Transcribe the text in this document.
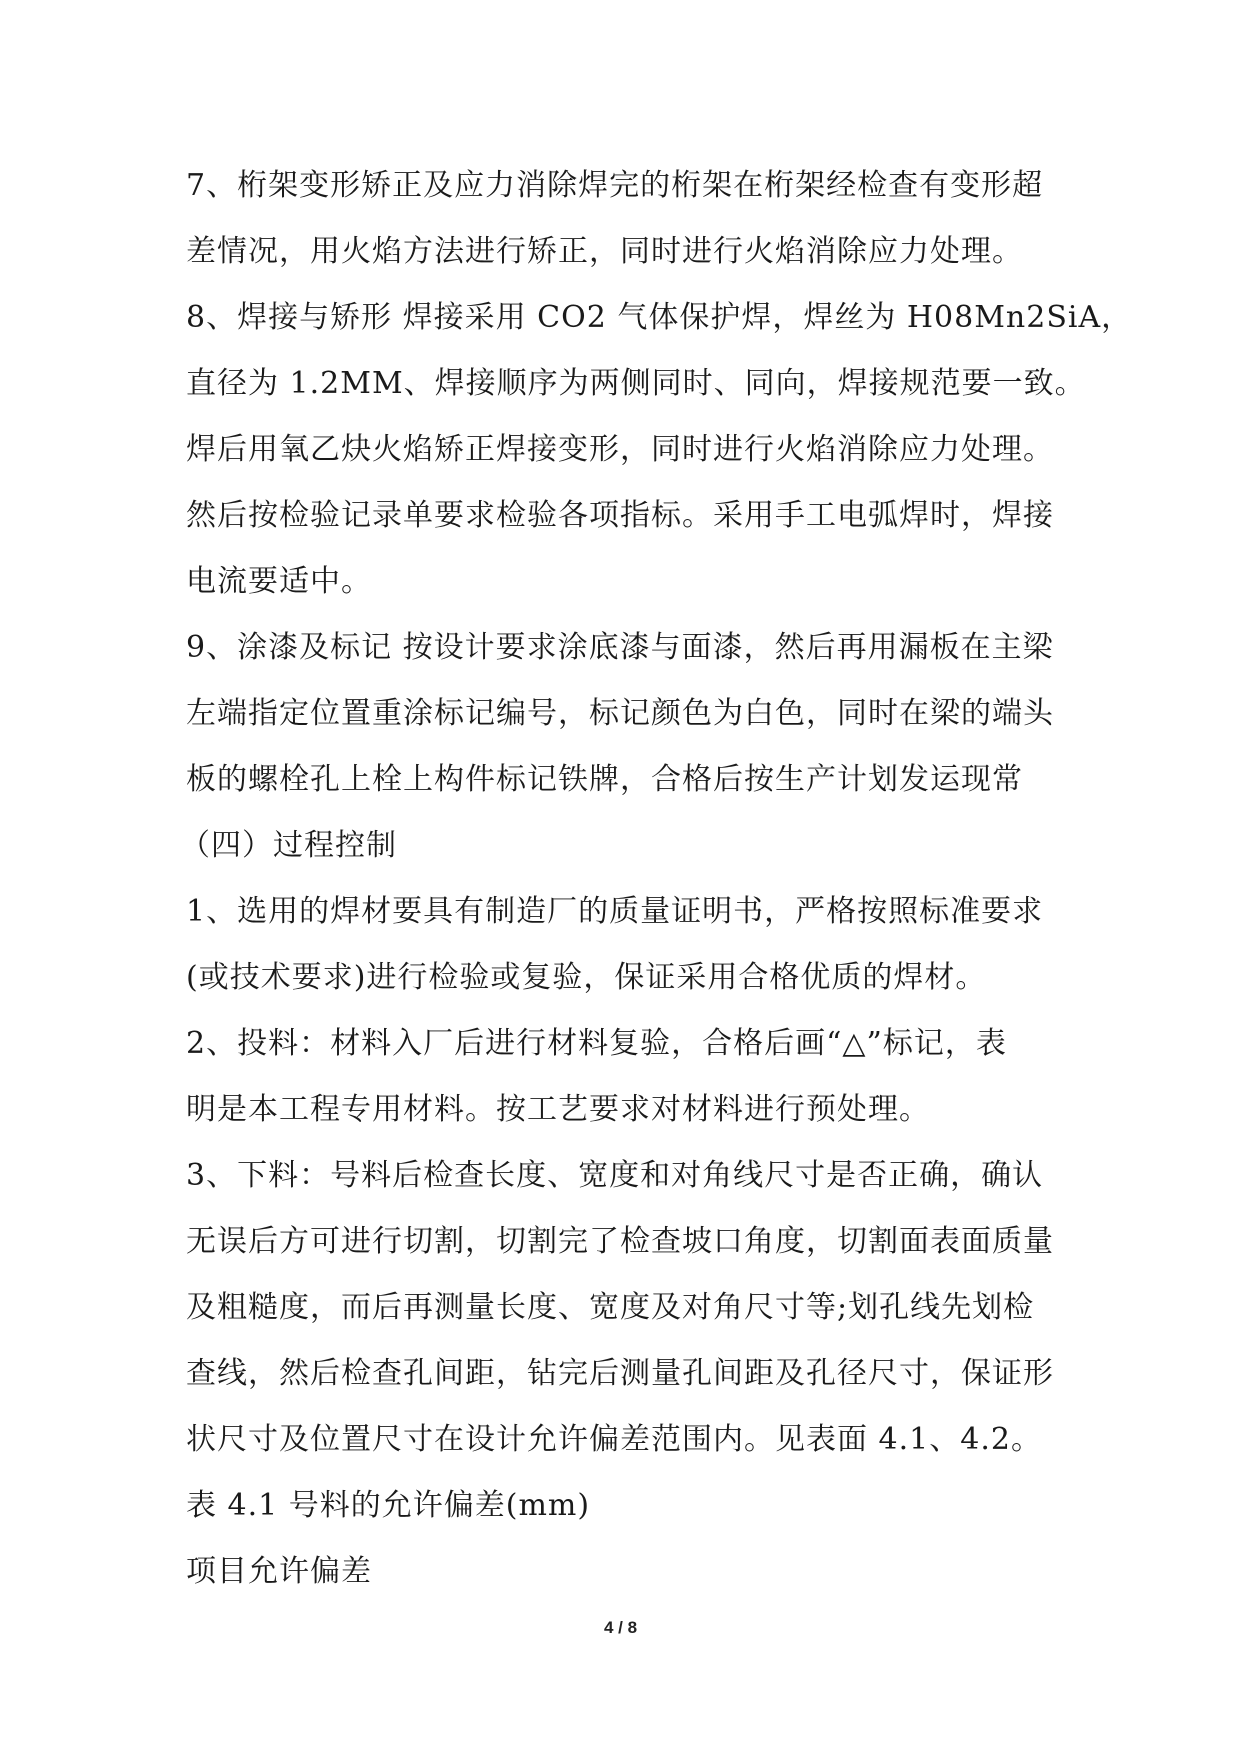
7、桁架变形矫正及应力消除焊完的桁架在桁架经检查有变形超
差情况，用火焰方法进行矫正，同时进行火焰消除应力处理。
8、焊接与矫形 焊接采用 CO2 气体保护焊，焊丝为 H08Mn2SiA，
直径为 1.2MM、焊接顺序为两侧同时、同向，焊接规范要一致。
焊后用氧乙炔火焰矫正焊接变形，同时进行火焰消除应力处理。
然后按检验记录单要求检验各项指标。采用手工电弧焊时，焊接
电流要适中。
9、涂漆及标记 按设计要求涂底漆与面漆，然后再用漏板在主梁
左端指定位置重涂标记编号，标记颜色为白色，同时在梁的端头
板的螺栓孔上栓上构件标记铁牌，合格后按生产计划发运现常
（四）过程控制
1、选用的焊材要具有制造厂的质量证明书，严格按照标准要求
(或技术要求)进行检验或复验，保证采用合格优质的焊材。
2、投料：材料入厂后进行材料复验，合格后画“△”标记，表
明是本工程专用材料。按工艺要求对材料进行预处理。
3、下料：号料后检查长度、宽度和对角线尺寸是否正确，确认
无误后方可进行切割，切割完了检查坡口角度，切割面表面质量
及粗糙度，而后再测量长度、宽度及对角尺寸等;划孔线先划检
查线，然后检查孔间距，钻完后测量孔间距及孔径尺寸，保证形
状尺寸及位置尺寸在设计允许偏差范围内。见表面 4.1、4.2。
表 4.1 号料的允许偏差(mm)
项目允许偏差
4 / 8
